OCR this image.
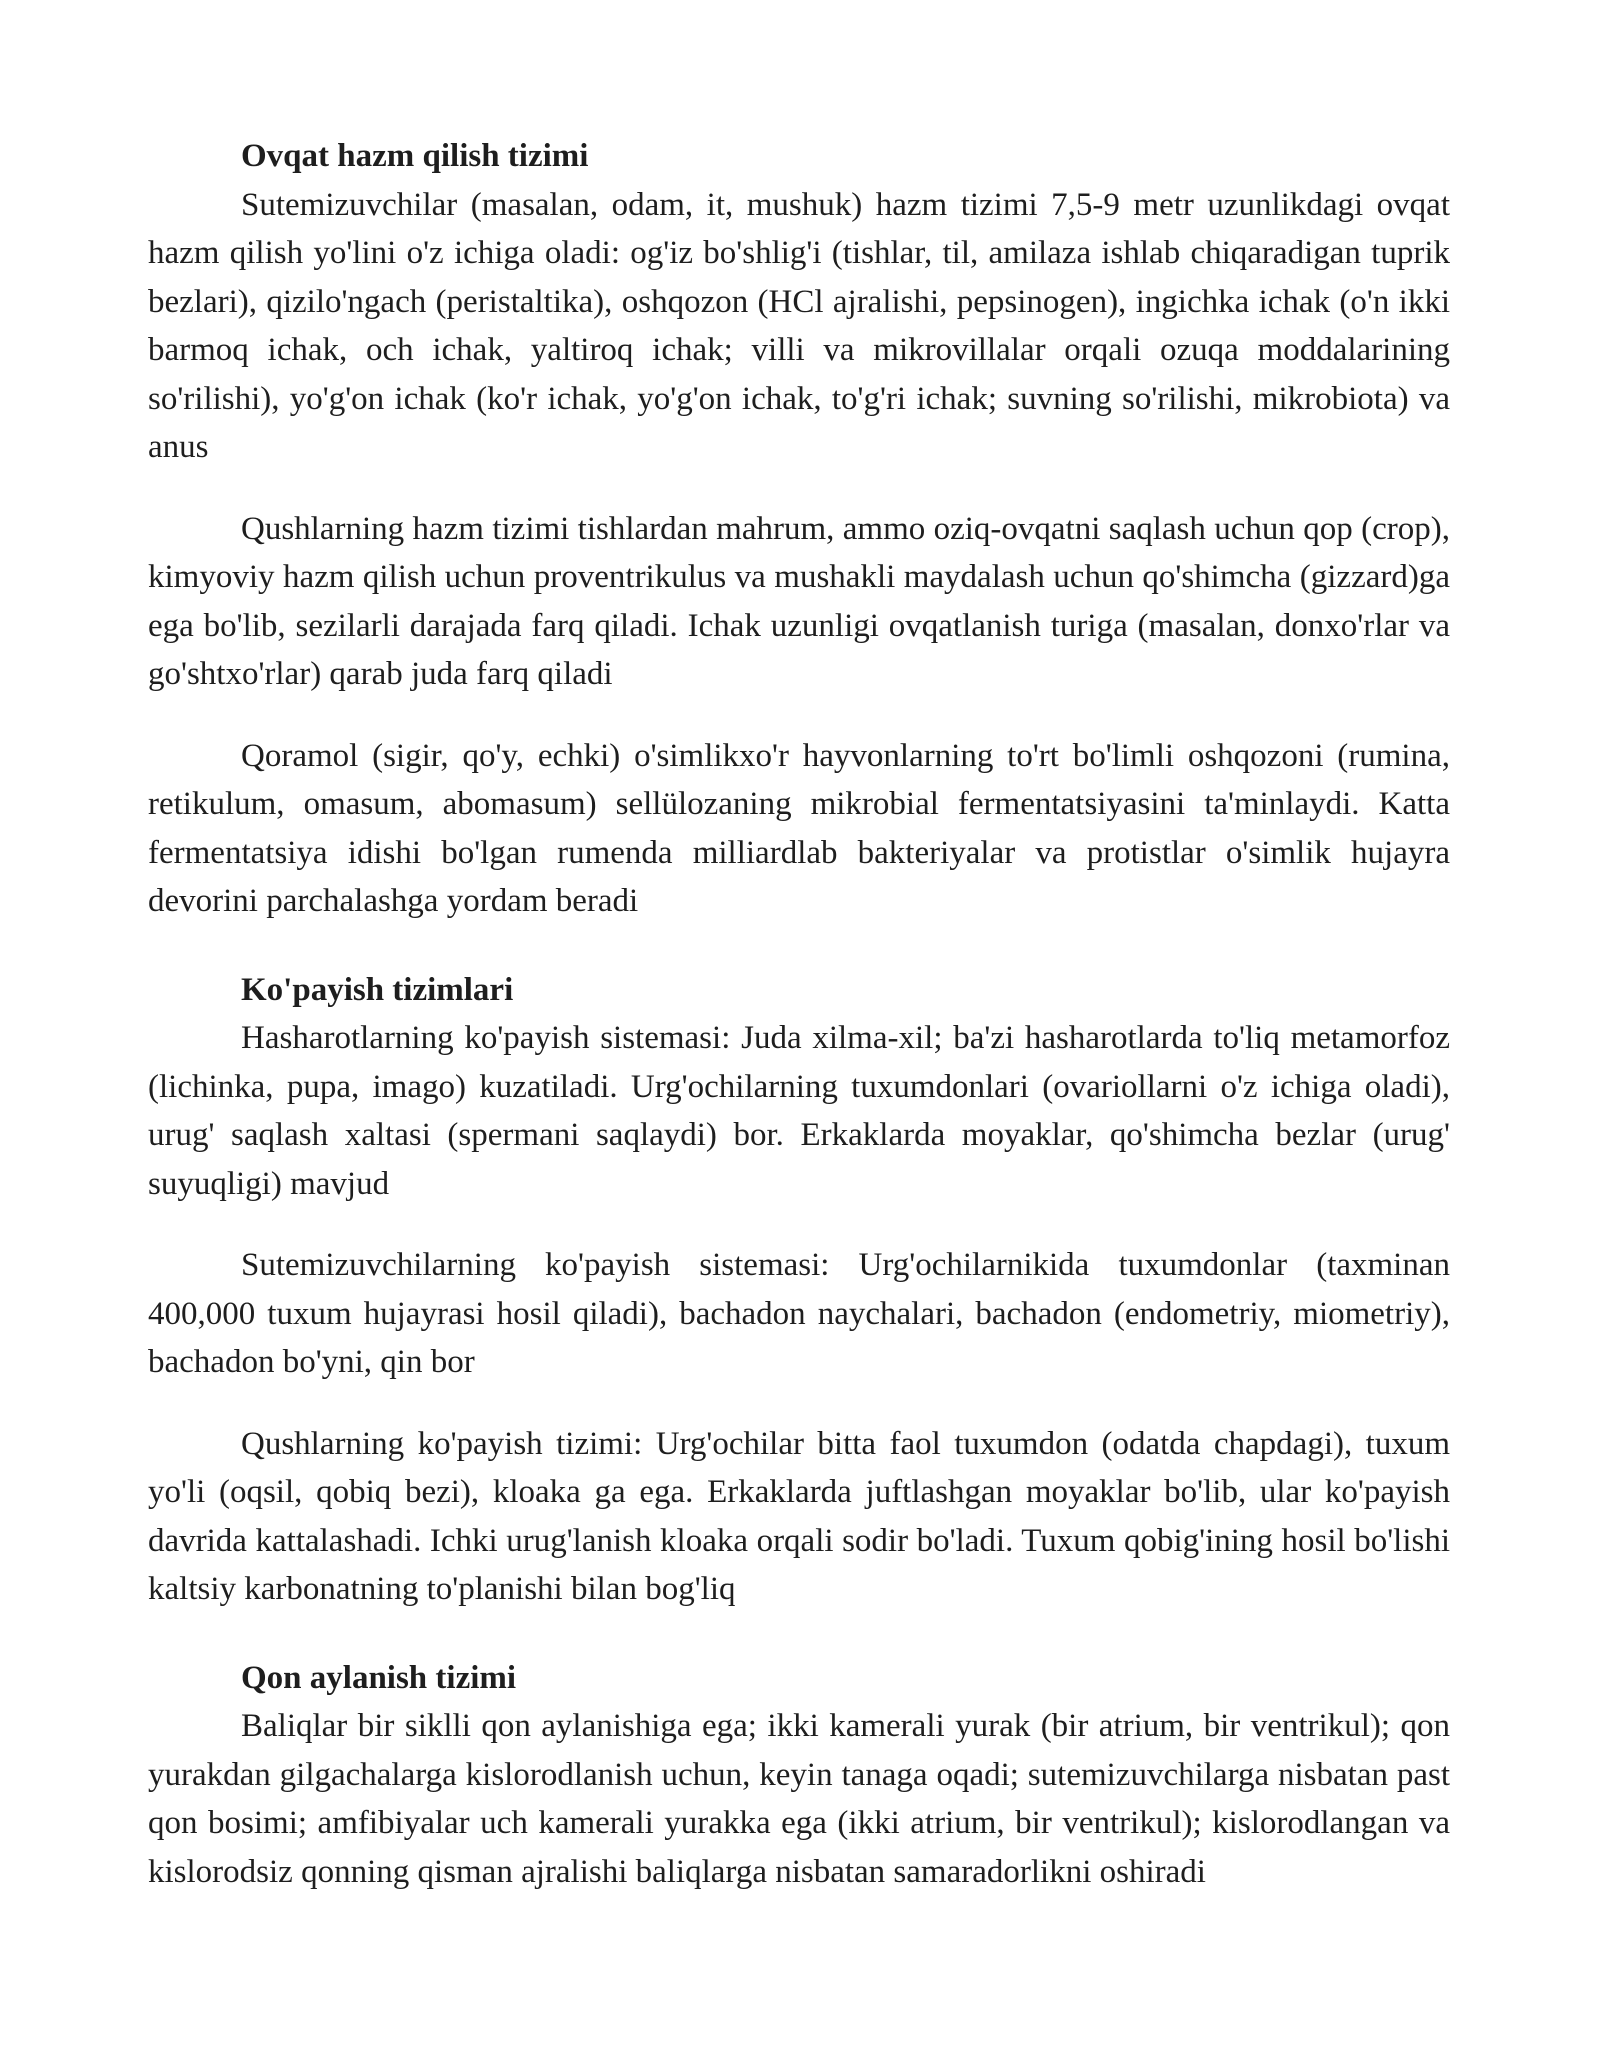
Ovqat hazm qilish tizimi

Sutemizuvchilar (masalan, odam, it, mushuk) hazm tizimi 7,5-9 metr uzunlikdagi ovqat hazm qilish yo'lini o'z ichiga oladi: og'iz bo'shlig'i (tishlar, til, amilaza ishlab chiqaradigan tuprik bezlari), qizilo'ngach (peristaltika), oshqozon (HCl ajralishi, pepsinogen), ingichka ichak (o'n ikki barmoq ichak, och ichak, yaltiroq ichak; villi va mikrovillalar orqali ozuqa moddalarining so'rilishi), yo'g'on ichak (ko'r ichak, yo'g'on ichak, to'g'ri ichak; suvning so'rilishi, mikrobiota) va anus

Qushlarning hazm tizimi tishlardan mahrum, ammo oziq-ovqatni saqlash uchun qop (crop), kimyoviy hazm qilish uchun proventrikulus va mushakli maydalash uchun qo'shimcha (gizzard)ga ega bo'lib, sezilarli darajada farq qiladi. Ichak uzunligi ovqatlanish turiga (masalan, donxo'rlar va go'shtxo'rlar) qarab juda farq qiladi

Qoramol (sigir, qo'y, echki) o'simlikxo'r hayvonlarning to'rt bo'limli oshqozoni (rumina, retikulum, omasum, abomasum) sellülozaning mikrobial fermentatsiyasini ta'minlaydi. Katta fermentatsiya idishi bo'lgan rumenda milliardlab bakteriyalar va protistlar o'simlik hujayra devorini parchalashga yordam beradi

Ko'payish tizimlari

Hasharotlarning ko'payish sistemasi: Juda xilma-xil; ba'zi hasharotlarda to'liq metamorfoz (lichinka, pupa, imago) kuzatiladi. Urg'ochilarning tuxumdonlari (ovariollarni o'z ichiga oladi), urug' saqlash xaltasi (spermani saqlaydi) bor. Erkaklarda moyaklar, qo'shimcha bezlar (urug' suyuqligi) mavjud

Sutemizuvchilarning ko'payish sistemasi: Urg'ochilarnikida tuxumdonlar (taxminan 400,000 tuxum hujayrasi hosil qiladi), bachadon naychalari, bachadon (endometriy, miometriy), bachadon bo'yni, qin bor

Qushlarning ko'payish tizimi: Urg'ochilar bitta faol tuxumdon (odatda chapdagi), tuxum yo'li (oqsil, qobiq bezi), kloaka ga ega. Erkaklarda juftlashgan moyaklar bo'lib, ular ko'payish davrida kattalashadi. Ichki urug'lanish kloaka orqali sodir bo'ladi. Tuxum qobig'ining hosil bo'lishi kaltsiy karbonatning to'planishi bilan bog'liq

Qon aylanish tizimi

Baliqlar bir siklli qon aylanishiga ega; ikki kamerali yurak (bir atrium, bir ventrikul); qon yurakdan gilgachalarga kislorodlanish uchun, keyin tanaga oqadi; sutemizuvchilarga nisbatan past qon bosimi; amfibiyalar uch kamerali yurakka ega (ikki atrium, bir ventrikul); kislorodlangan va kislorodsiz qonning qisman ajralishi baliqlarga nisbatan samaradorlikni oshiradi
